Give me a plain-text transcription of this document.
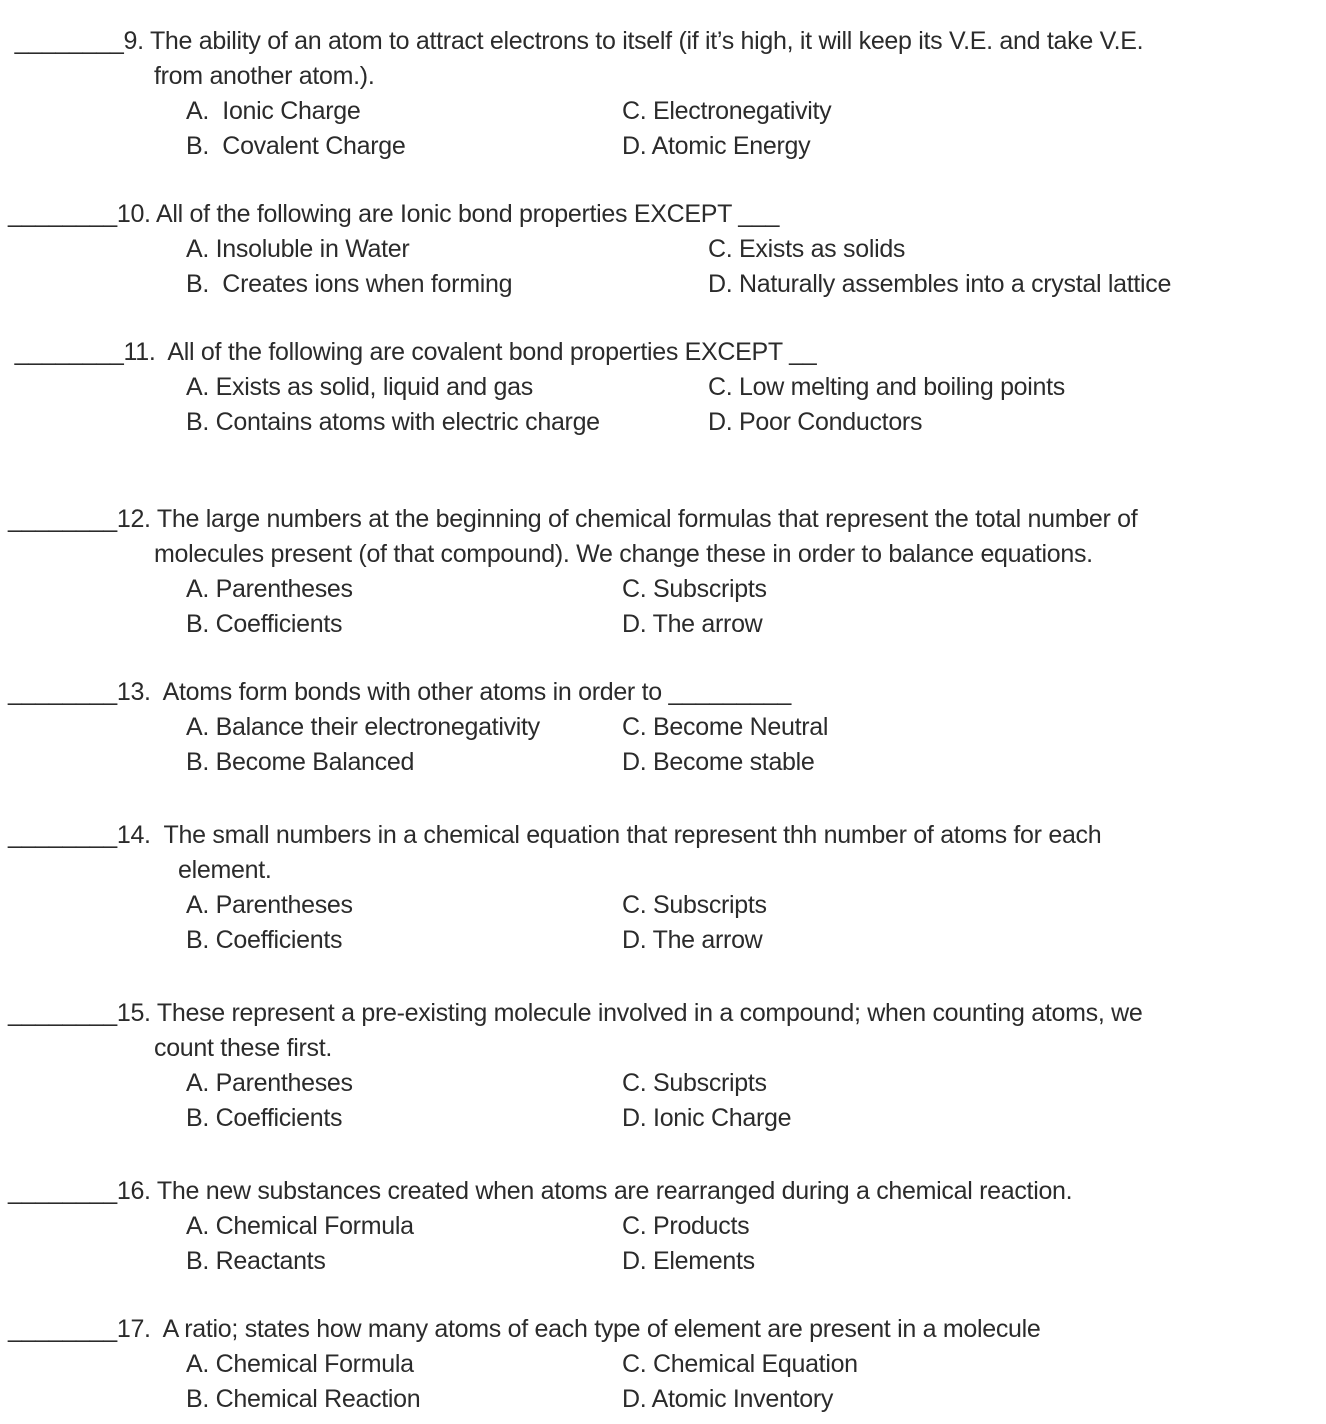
________9. The ability of an atom to attract electrons to itself (if it’s high, it will keep its V.E. and take V.E.
from another atom.).
A.  Ionic Charge	C. Electronegativity
B.  Covalent Charge	D. Atomic Energy
________10. All of the following are Ionic bond properties EXCEPT ___
A. Insoluble in Water	C. Exists as solids
B.  Creates ions when forming	D. Naturally assembles into a crystal lattice
________11.  All of the following are covalent bond properties EXCEPT __
A. Exists as solid, liquid and gas	C. Low melting and boiling points
B. Contains atoms with electric charge	D. Poor Conductors
________12. The large numbers at the beginning of chemical formulas that represent the total number of
molecules present (of that compound). We change these in order to balance equations.
A. Parentheses	C. Subscripts
B. Coefficients	D. The arrow
________13.  Atoms form bonds with other atoms in order to _________
A. Balance their electronegativity	C. Become Neutral
B. Become Balanced	D. Become stable
________14.  The small numbers in a chemical equation that represent thh number of atoms for each
element.
A. Parentheses	C. Subscripts
B. Coefficients	D. The arrow
________15. These represent a pre-existing molecule involved in a compound; when counting atoms, we
count these first.
A. Parentheses	C. Subscripts
B. Coefficients	D. Ionic Charge
________16. The new substances created when atoms are rearranged during a chemical reaction.
A. Chemical Formula	C. Products
B. Reactants	D. Elements
________17.  A ratio; states how many atoms of each type of element are present in a molecule
A. Chemical Formula	C. Chemical Equation
B. Chemical Reaction	D. Atomic Inventory
